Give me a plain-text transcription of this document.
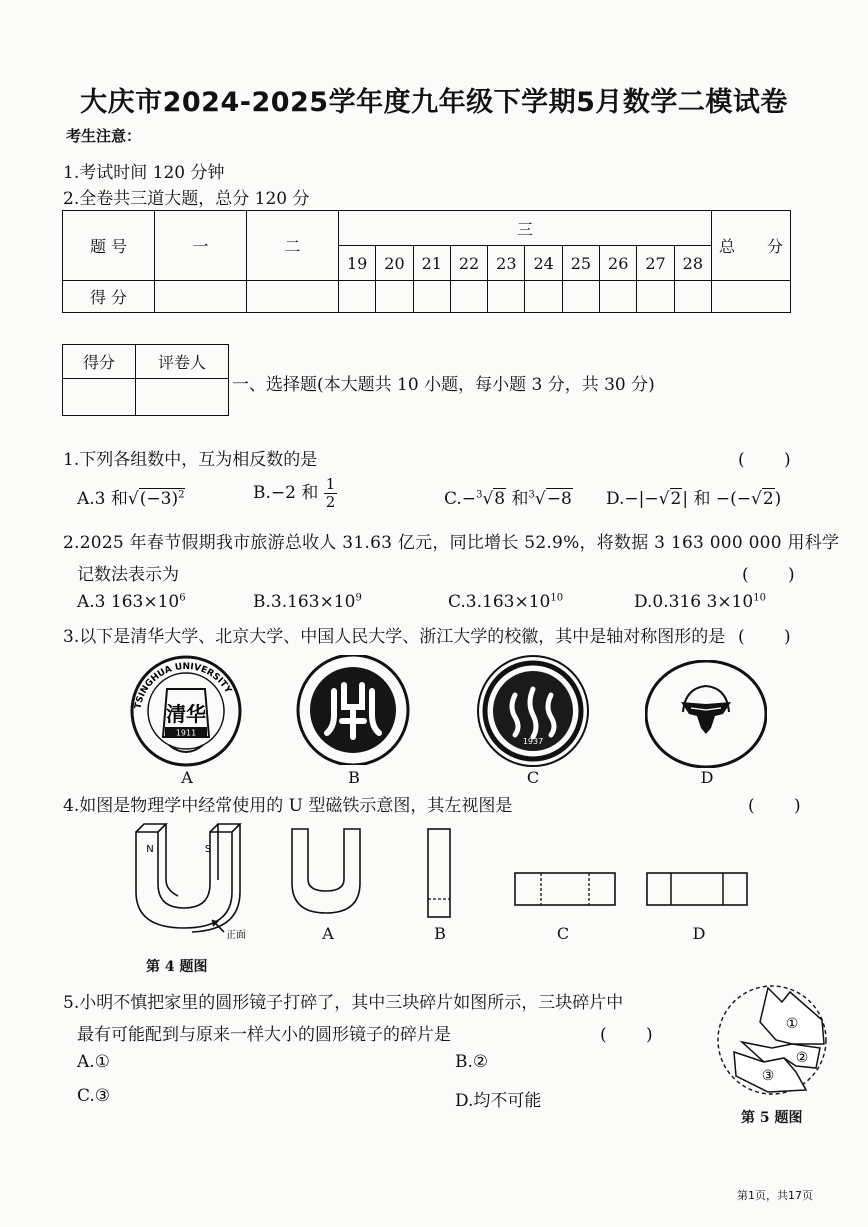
大庆市2024-2025学年度九年级下学期5月数学二模试卷
考生注意：
1.考试时间 120 分钟
2.全卷共三道大题，总分 120 分
题 号	一	二	三										总　　分
			19	20	21	22	23	24	25	26	27	28	
得 分													
得分	评卷人

一、选择题(本大题共 10 小题，每小题 3 分，共 30 分)
1.下列各组数中，互为相反数的是	(　　 )
A.3 和$√(-3)^2$	B.−2 和 $\frac{1}{2}$	C.−$^3$√8 和$^3$√−8 D.−|−√2| 和 −(−√2)
2.2025 年春节假期我市旅游总收人 31.63 亿元，同比增长 52.9%，将数据 3 163 000 000 用科学
记数法表示为	(　　 )
A.3 $163\times 10^6$	$B.3.163\times 10^9$	$C.3.163\times 10^{10}$	D.0.316 $3\times 10^{10}$
3.以下是清华大学、北京大学、中国人民大学、浙江大学的校徽，其中是轴对称图形的是 (　　 )
TSINGHUA UNIVERSITY
清华
1911
1937
A	B	C	D
4.如图是物理学中经常使用的 U 型磁铁示意图，其左视图是	(　　 )
N	S
正面	A	B	C	D
第 4 题图
5.小明不慎把家里的圆形镜子打碎了，其中三块碎片如图所示，三块碎片中
最有可能配到与原来一样大小的圆形镜子的碎片是	(　　 )
A.①	B.②
C.③	D.均不可能
①
②
③
第 5 题图
第1页，共17页
